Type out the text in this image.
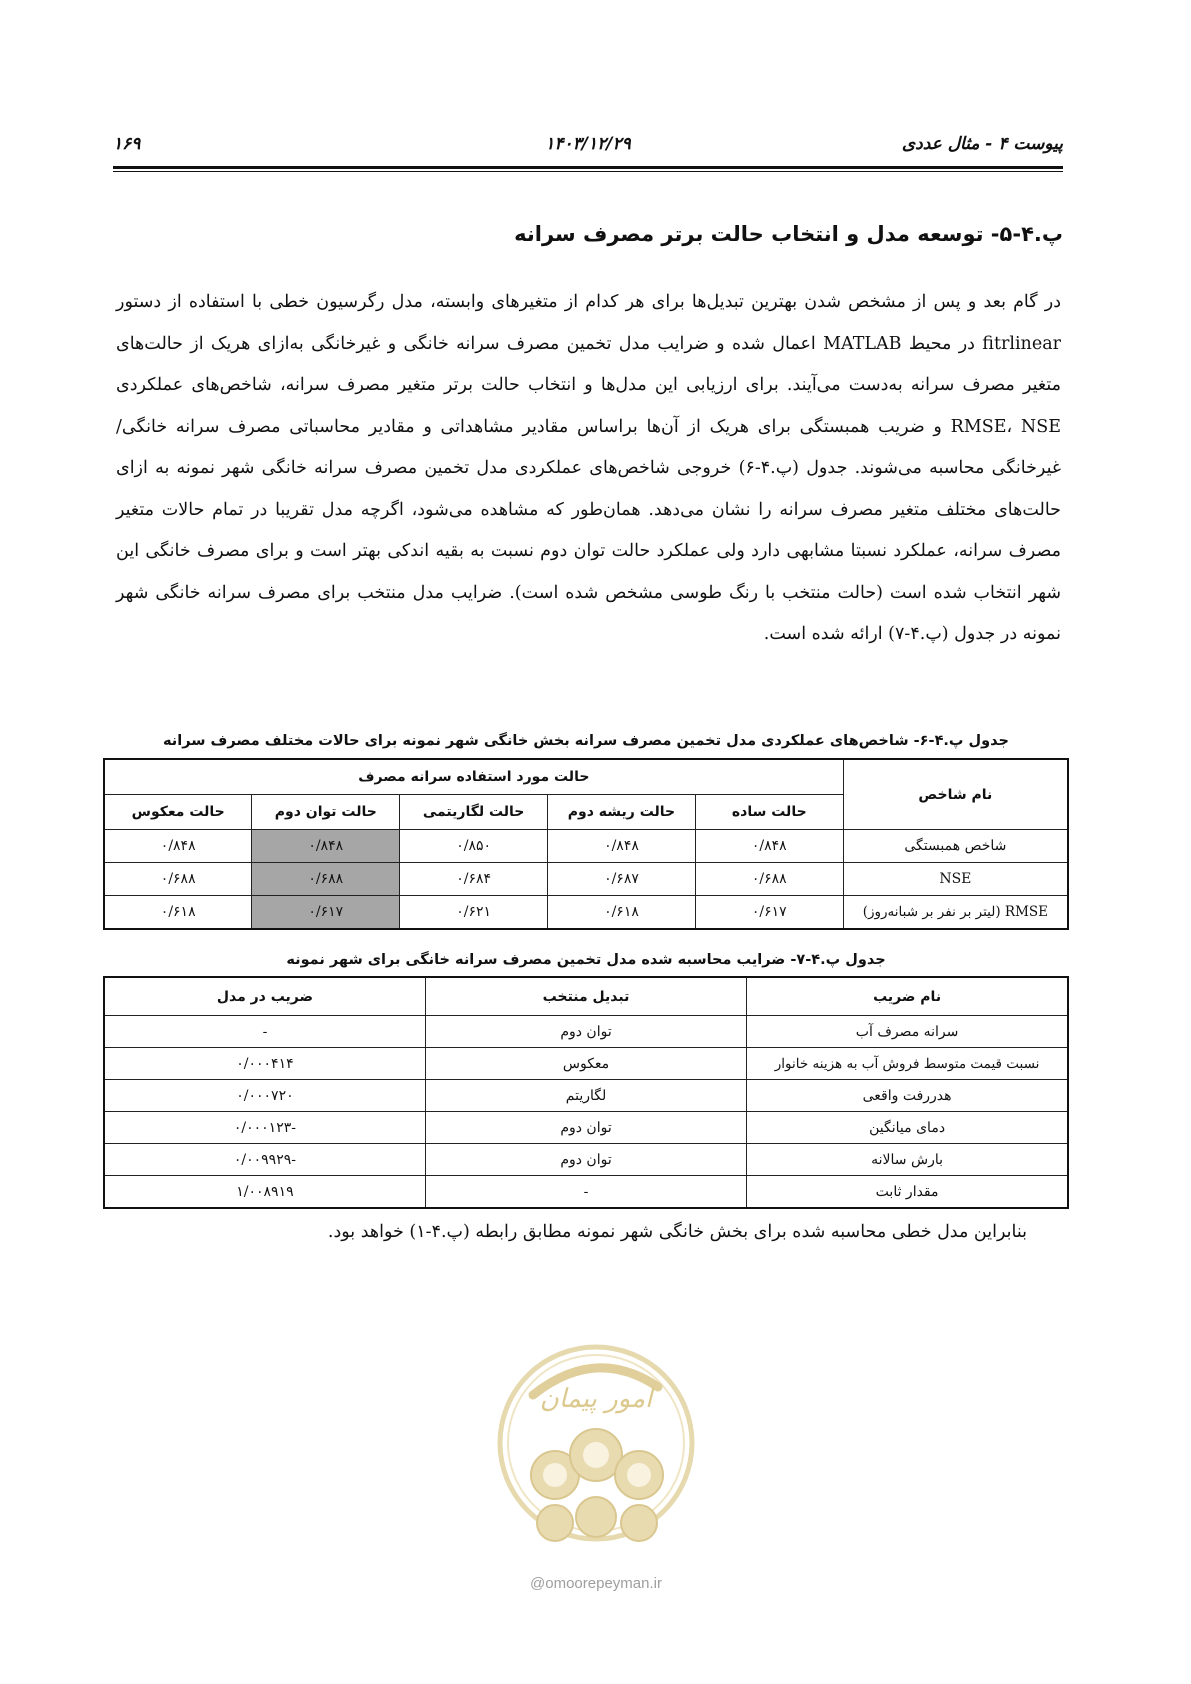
پیوست ۴ - مثال عددی
۱۴۰۳/۱۲/۲۹
۱۶۹
پ.۴-۵- توسعه مدل و انتخاب حالت برتر مصرف سرانه

در گام بعد و پس از مشخص شدن بهترین تبدیل‌ها برای هر کدام از متغیرهای وابسته، مدل رگرسیون خطی با استفاده از دستور fitrlinear در محیط MATLAB اعمال شده و ضرایب مدل تخمین مصرف سرانه خانگی و غیرخانگی به‌ازای هریک از حالت‌های متغیر مصرف سرانه به‌دست می‌آیند. برای ارزیابی این مدل‌ها و انتخاب حالت برتر متغیر مصرف سرانه، شاخص‌های عملکردی RMSE، NSE و ضریب همبستگی برای هریک از آن‌ها براساس مقادیر مشاهداتی و مقادیر محاسباتی مصرف سرانه خانگی/غیرخانگی محاسبه می‌شوند. جدول (پ.۴-۶) خروجی شاخص‌های عملکردی مدل تخمین مصرف سرانه خانگی شهر نمونه به ازای حالت‌های مختلف متغیر مصرف سرانه را نشان می‌دهد. همان‌طور که مشاهده می‌شود، اگرچه مدل تقریبا در تمام حالات متغیر مصرف سرانه، عملکرد نسبتا مشابهی دارد ولی عملکرد حالت توان دوم نسبت به بقیه اندکی بهتر است و برای مصرف خانگی این شهر انتخاب شده است (حالت منتخب با رنگ طوسی مشخص شده است). ضرایب مدل منتخب برای مصرف سرانه خانگی شهر نمونه در جدول (پ.۴-۷) ارائه شده است.

جدول پ.۴-۶- شاخص‌های عملکردی مدل تخمین مصرف سرانه بخش خانگی شهر نمونه برای حالات مختلف مصرف سرانه
نام شاخص	حالت مورد استفاده سرانه مصرف				
	حالت ساده	حالت ریشه دوم	حالت لگاریتمی	حالت توان دوم	حالت معکوس
شاخص همبستگی	۰/۸۴۸	۰/۸۴۸	۰/۸۵۰	۰/۸۴۸	۰/۸۴۸
NSE	۰/۶۸۸	۰/۶۸۷	۰/۶۸۴	۰/۶۸۸	۰/۶۸۸
RMSE (لیتر بر نفر بر شبانه‌روز)	۰/۶۱۷	۰/۶۱۸	۰/۶۲۱	۰/۶۱۷	۰/۶۱۸
جدول پ.۴-۷- ضرایب محاسبه شده مدل تخمین مصرف سرانه خانگی برای شهر نمونه
نام ضریب	تبدیل منتخب	ضریب در مدل
سرانه مصرف آب	توان دوم	-
نسبت قیمت متوسط فروش آب به هزینه خانوار	معکوس	۰/۰۰۰۴۱۴
هدررفت واقعی	لگاریتم	۰/۰۰۰۷۲۰
دمای میانگین	توان دوم	-۰/۰۰۰۱۲۳
بارش سالانه	توان دوم	-۰/۰۰۹۹۲۹
مقدار ثابت	-	۱/۰۰۸۹۱۹
بنابراین مدل خطی محاسبه شده برای بخش خانگی شهر نمونه مطابق رابطه (پ.۴-۱) خواهد بود.
امور پیمان
@omoorepeyman.ir
